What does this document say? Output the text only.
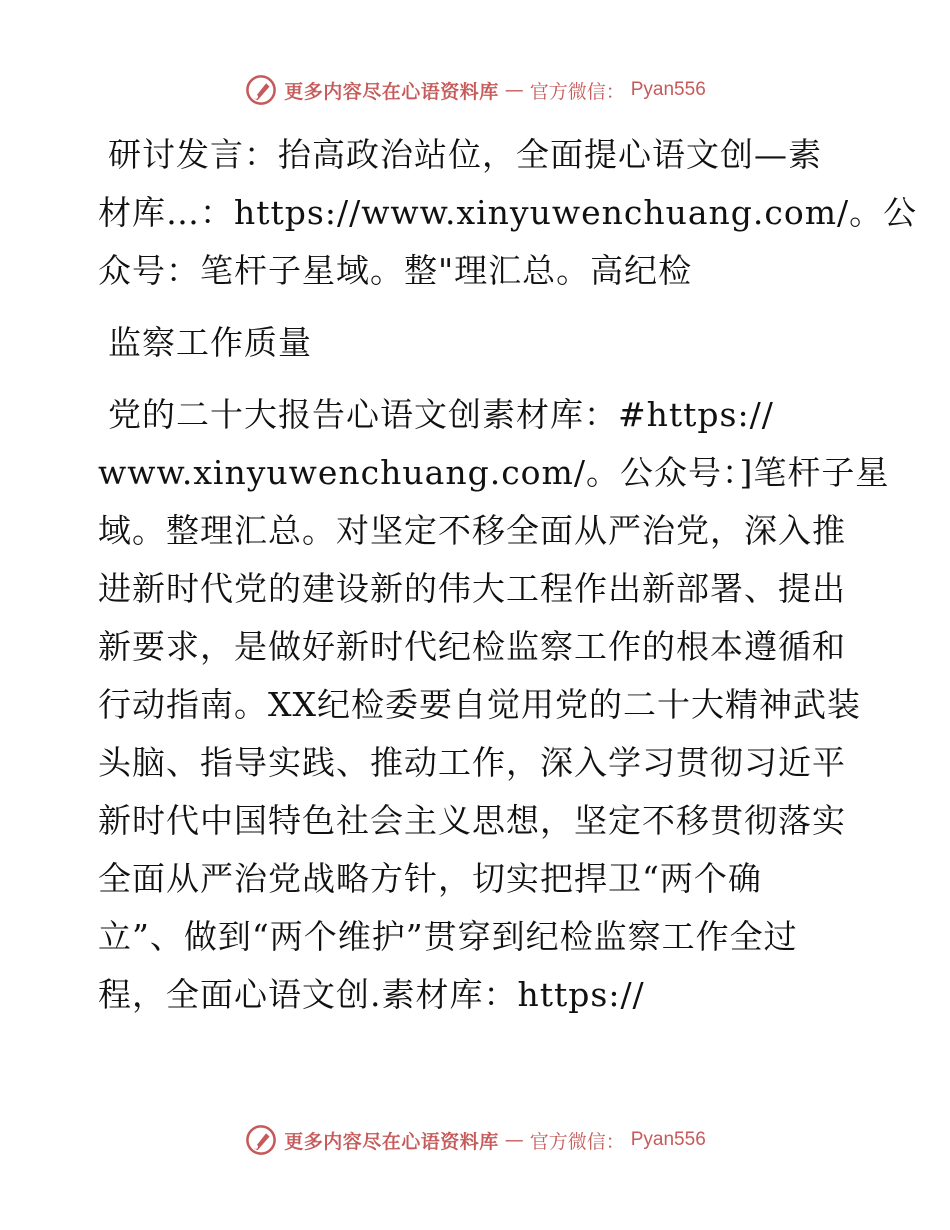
更多内容尽在心语资料库 — 官方微信： Pyan556
研讨发言：抬高政治站位，全面提心语文创—素
材库…：https://www.xinyuwenchuang.com/。公
众号：笔杆子星域。整"理汇总。高纪检
监察工作质量
党的二十大报告心语文创素材库：#https://
www.xinyuwenchuang.com/。公众号：]笔杆子星
域。整理汇总。对坚定不移全面从严治党，深入推
进新时代党的建设新的伟大工程作出新部署、提出
新要求，是做好新时代纪检监察工作的根本遵循和
行动指南。XX纪检委要自觉用党的二十大精神武装
头脑、指导实践、推动工作，深入学习贯彻习近平
新时代中国特色社会主义思想，坚定不移贯彻落实
全面从严治党战略方针，切实把捍卫“两个确
立”、做到“两个维护”贯穿到纪检监察工作全过
程，全面心语文创.素材库：https://
更多内容尽在心语资料库 — 官方微信： Pyan556
